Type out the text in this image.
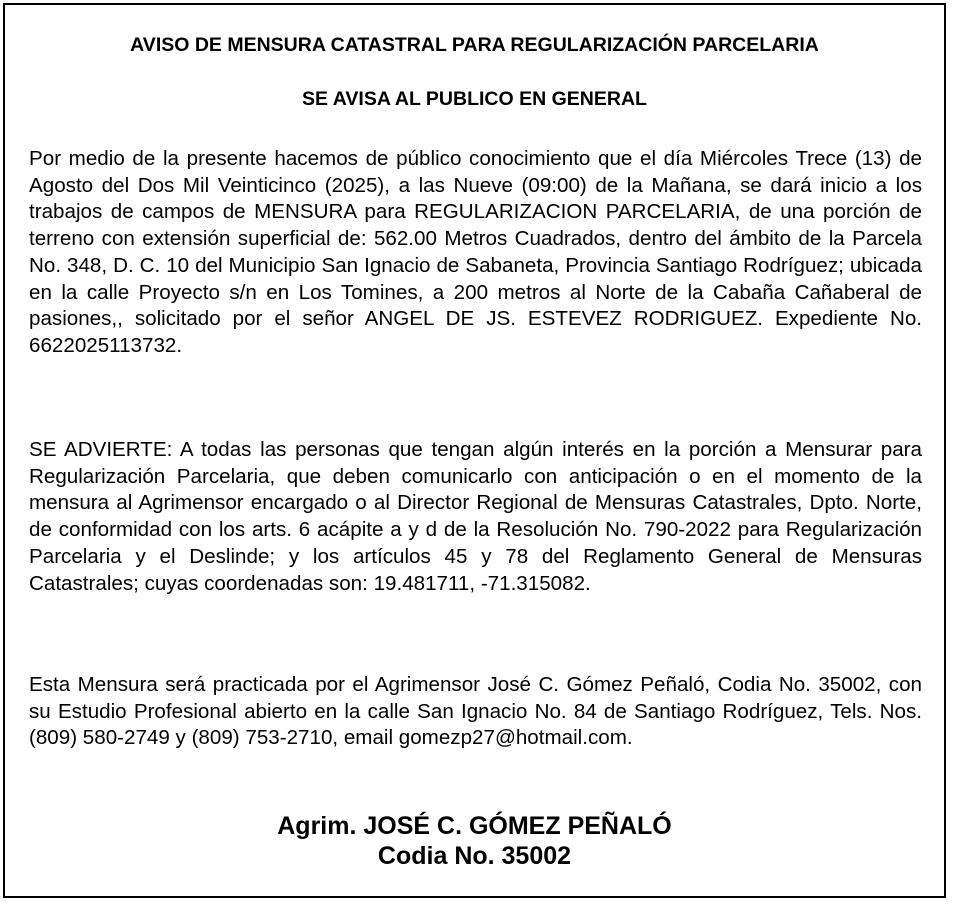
AVISO DE MENSURA CATASTRAL PARA REGULARIZACIÓN PARCELARIA
SE AVISA AL PUBLICO EN GENERAL

Por medio de la presente hacemos de público conocimiento que el día Miércoles Trece (13) de Agosto del Dos Mil Veinticinco (2025), a las Nueve (09:00) de la Mañana, se dará inicio a los trabajos de campos de MENSURA para REGULARIZACION PARCELARIA, de una porción de terreno con extensión superficial de: 562.00 Metros Cuadrados, dentro del ámbito de la Parcela No. 348, D. C. 10 del Municipio San Ignacio de Sabaneta, Provincia Santiago Rodríguez; ubicada en la calle Proyecto s/n en Los Tomines, a 200 metros al Norte de la Cabaña Cañaberal de pasiones,, solicitado por el señor ANGEL DE JS. ESTEVEZ RODRIGUEZ. Expediente No. 6622025113732.

SE ADVIERTE: A todas las personas que tengan algún interés en la porción a Mensurar para Regularización Parcelaria, que deben comunicarlo con anticipación o en el momento de la mensura al Agrimensor encargado o al Director Regional de Mensuras Catastrales, Dpto. Norte, de conformidad con los arts. 6 acápite a y d de la Resolución No. 790-2022 para Regularización Parcelaria y el Deslinde; y los artículos 45 y 78 del Reglamento General de Mensuras Catastrales; cuyas coordenadas son: 19.481711, -71.315082.

Esta Mensura será practicada por el Agrimensor José C. Gómez Peñaló, Codia No. 35002, con su Estudio Profesional abierto en la calle San Ignacio No. 84 de Santiago Rodríguez, Tels. Nos. (809) 580-2749 y (809) 753-2710, email gomezp27@hotmail.com.

Agrim. JOSÉ C. GÓMEZ PEÑALÓ
Codia No. 35002
